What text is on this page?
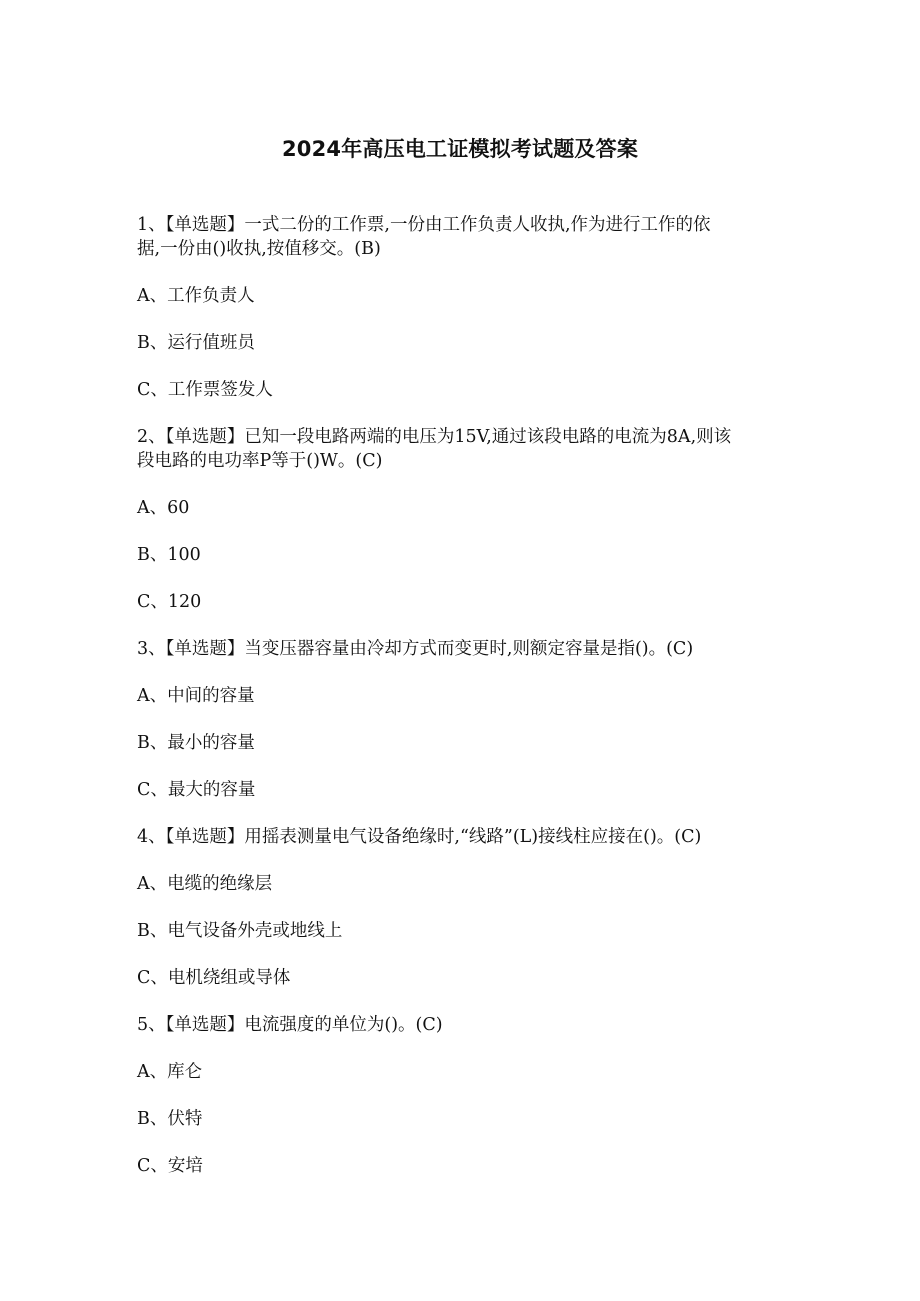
2024年高压电工证模拟考试题及答案

1、【单选题】一式二份的工作票,一份由工作负责人收执,作为进行工作的依

据,一份由()收执,按值移交。(B)

A、工作负责人

B、运行值班员

C、工作票签发人

2、【单选题】已知一段电路两端的电压为15V,通过该段电路的电流为8A,则该

段电路的电功率P等于()W。(C)

A、60

B、100

C、120

3、【单选题】当变压器容量由冷却方式而变更时,则额定容量是指()。(C)

A、中间的容量

B、最小的容量

C、最大的容量

4、【单选题】用摇表测量电气设备绝缘时,“线路”(L)接线柱应接在()。(C)

A、电缆的绝缘层

B、电气设备外壳或地线上

C、电机绕组或导体

5、【单选题】电流强度的单位为()。(C)

A、库仑

B、伏特

C、安培
